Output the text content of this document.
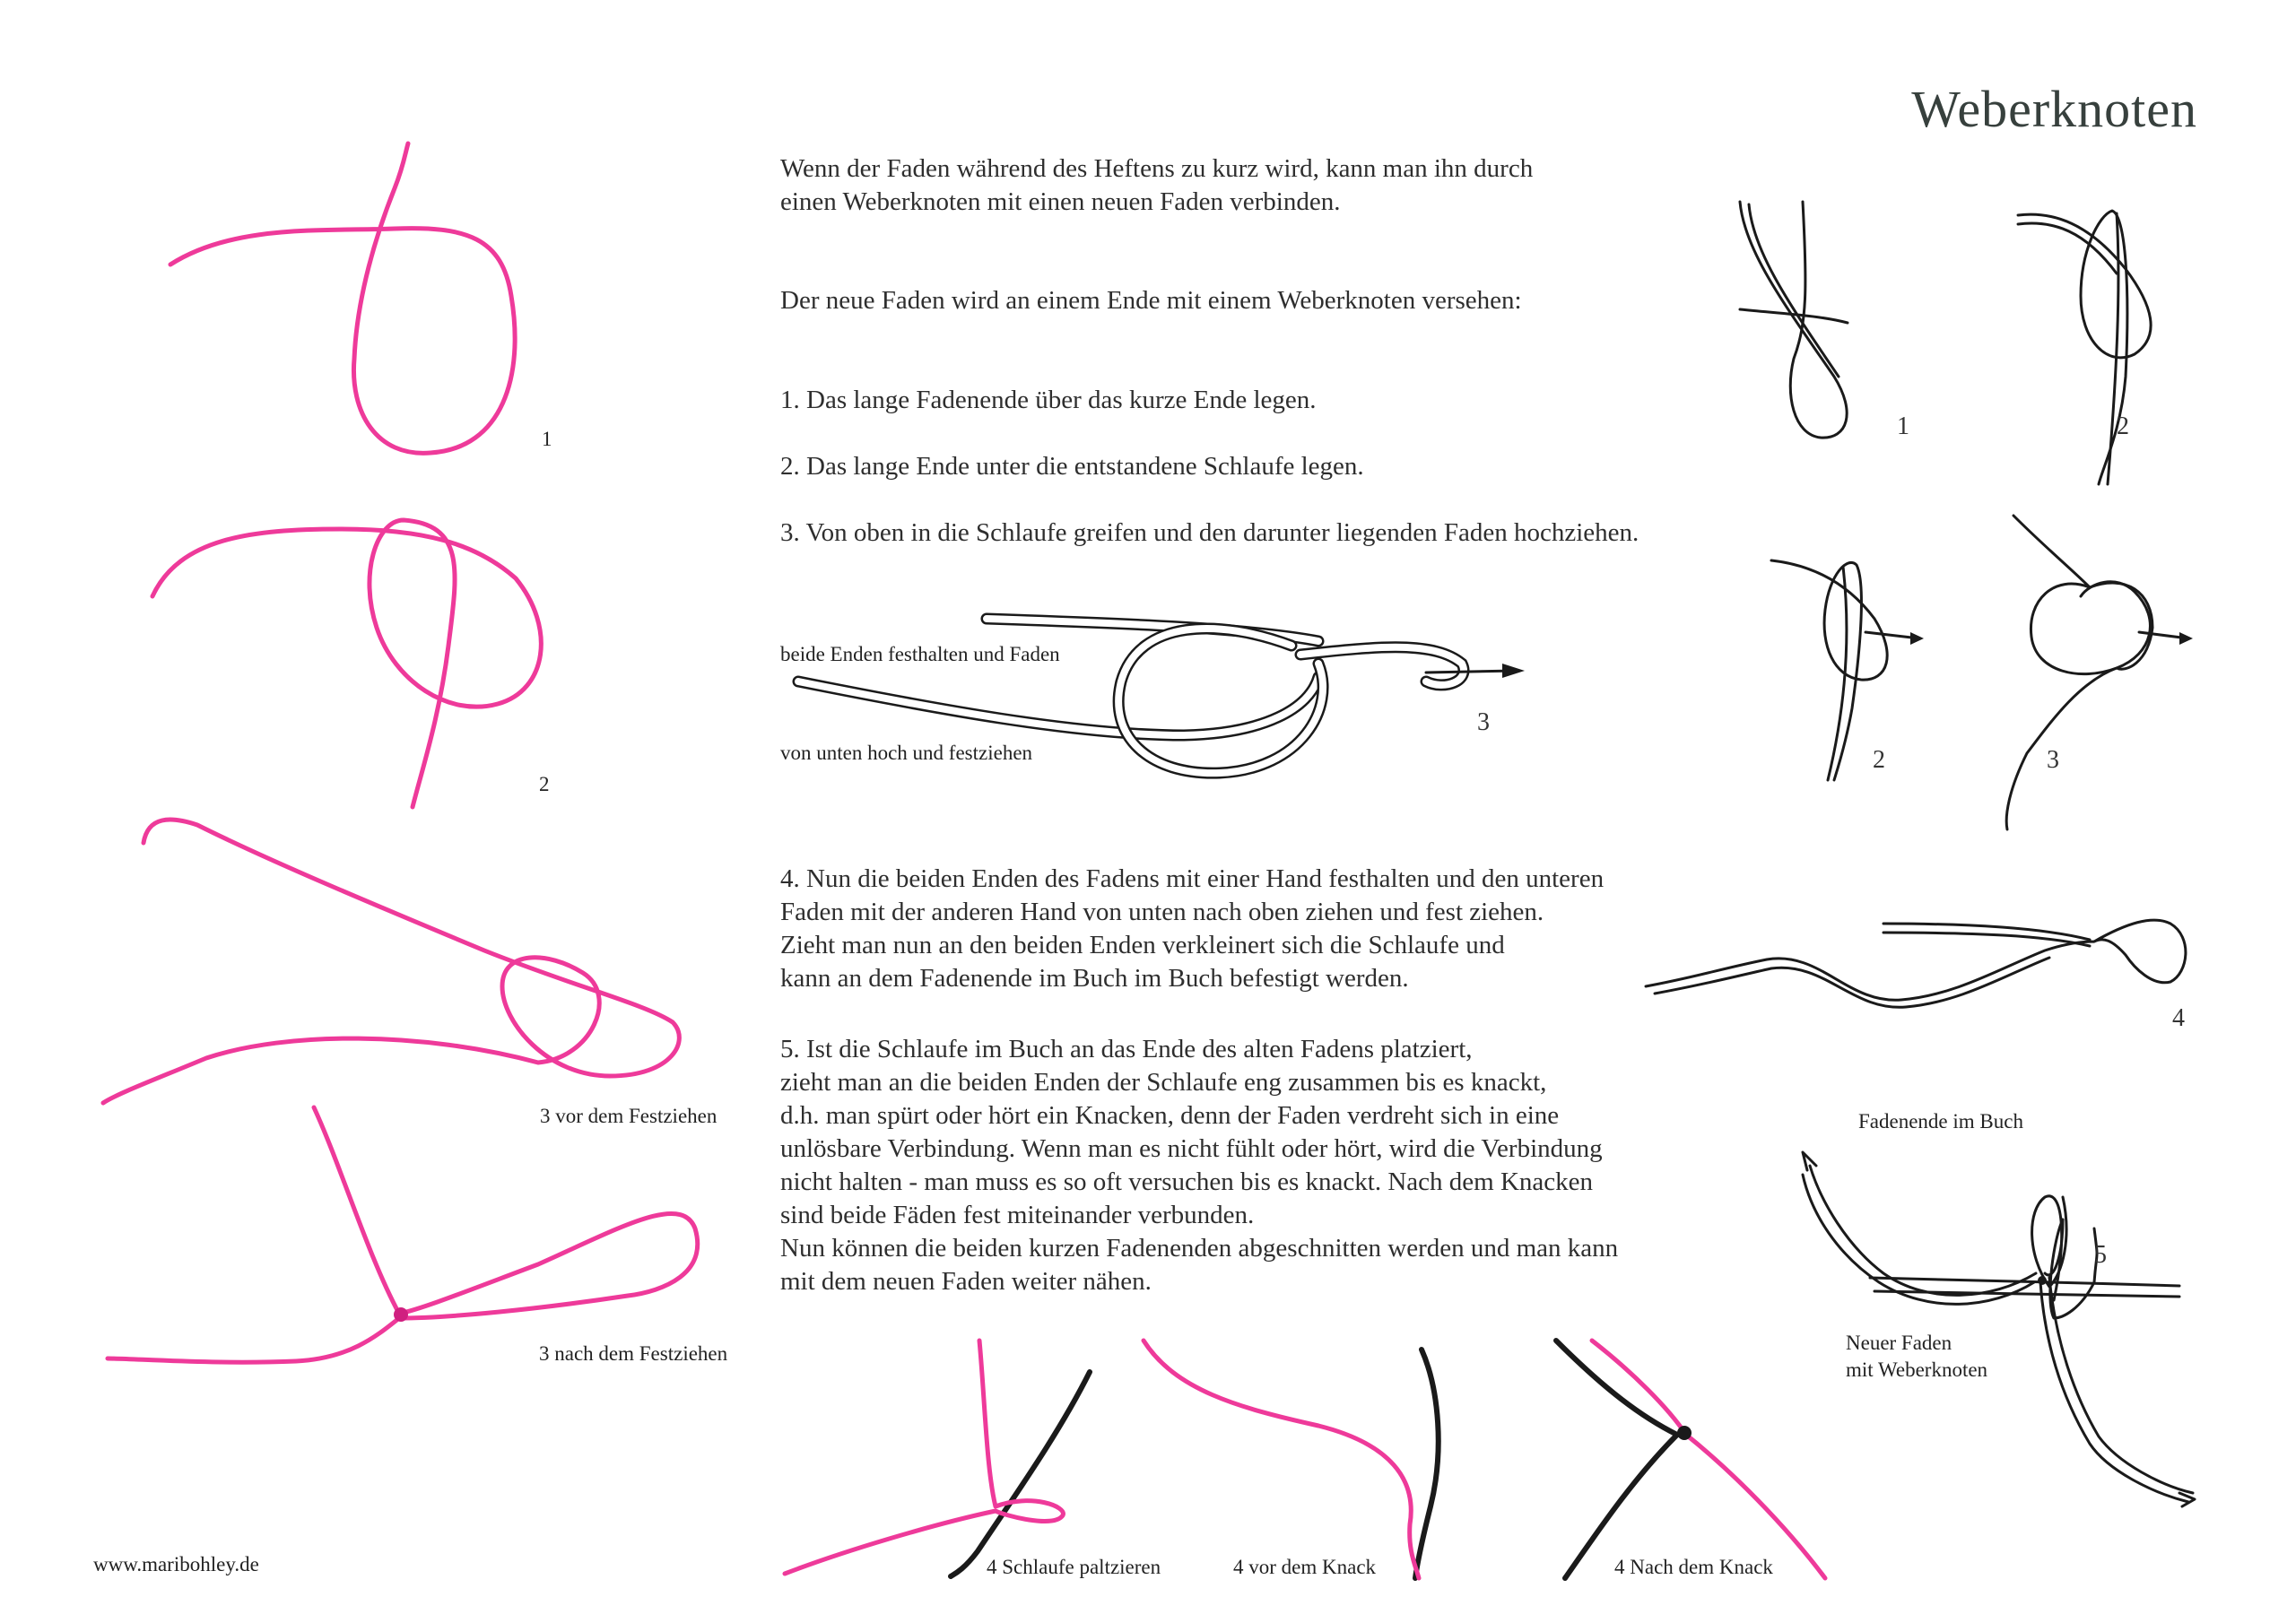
Weberknoten

Wenn der Faden während des Heftens zu kurz wird, kann man ihn durch

einen Weberknoten mit einen neuen Faden verbinden.

Der neue Faden wird an einem Ende mit einem Weberknoten versehen:
1. Das lange Fadenende über das kurze Ende legen.
2. Das lange Ende unter die entstandene Schlaufe legen.
3. Von oben in die Schlaufe greifen und den darunter liegenden Faden hochziehen.

4. Nun die beiden Enden des Fadens mit einer Hand festhalten und den unteren

Faden mit der anderen Hand von unten nach oben ziehen und fest ziehen.

Zieht man nun an den beiden Enden verkleinert sich die Schlaufe und

kann an dem Fadenende im Buch im Buch befestigt werden.

5. Ist die Schlaufe im Buch an das Ende des alten Fadens platziert,

zieht man an die beiden Enden der Schlaufe eng zusammen bis es knackt,

d.h. man spürt oder hört ein Knacken, denn der Faden verdreht sich in eine

unlösbare Verbindung. Wenn man es nicht fühlt oder hört, wird die Verbindung

nicht halten - man muss es so oft versuchen bis es knackt. Nach dem Knacken

sind beide Fäden fest miteinander verbunden.

Nun können die beiden kurzen Fadenenden abgeschnitten werden und man kann

mit dem neuen Faden weiter nähen.

beide Enden festhalten und Faden
von unten hoch und festziehen
3
1
2
3 vor dem Festziehen
3 nach dem Festziehen
4 Schlaufe paltzieren	4 vor dem Knack	4 Nach dem Knack
1	2
2	3
4
5
Fadenende im Buch
Neuer Faden
mit Weberknoten
www.maribohley.de
